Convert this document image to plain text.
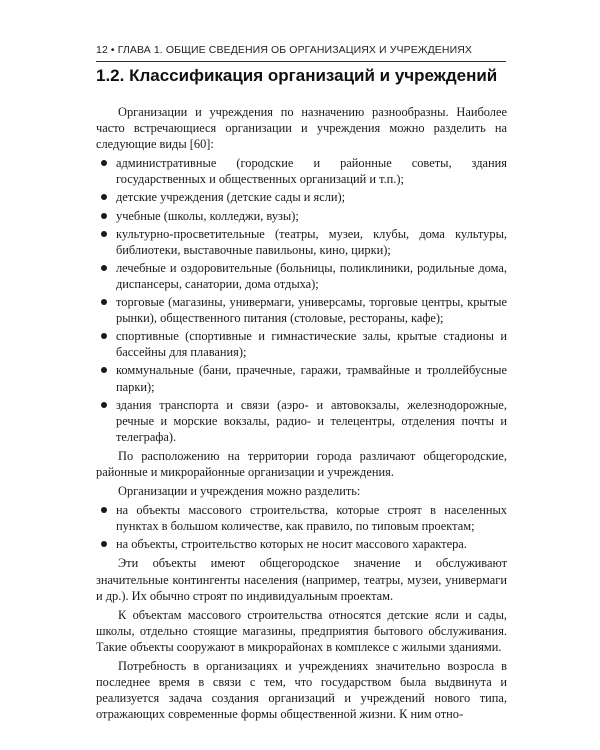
12 • ГЛАВА 1. ОБЩИЕ СВЕДЕНИЯ ОБ ОРГАНИЗАЦИЯХ И УЧРЕЖДЕНИЯХ
1.2. Классификация организаций и учреждений

Организации и учреждения по назначению разнообразны. Наиболее часто встречающиеся организации и учреждения можно разделить на следующие виды [60]:

административные (городские и районные советы, здания государственных и общественных организаций и т.п.);
детские учреждения (детские сады и ясли);
учебные (школы, колледжи, вузы);
культурно-просветительные (театры, музеи, клубы, дома культуры, библиотеки, выставочные павильоны, кино, цирки);
лечебные и оздоровительные (больницы, поликлиники, родильные дома, диспансеры, санатории, дома отдыха);
торговые (магазины, универмаги, универсамы, торговые центры, крытые рынки), общественного питания (столовые, рестораны, кафе);
спортивные (спортивные и гимнастические залы, крытые стадионы и бассейны для плавания);
коммунальные (бани, прачечные, гаражи, трамвайные и троллейбусные парки);
здания транспорта и связи (аэро- и автовокзалы, железнодорожные, речные и морские вокзалы, радио- и телецентры, отделения почты и телеграфа).

По расположению на территории города различают общегородские, районные и микрорайонные организации и учреждения.

Организации и учреждения можно разделить:

на объекты массового строительства, которые строят в населенных пунктах в большом количестве, как правило, по типовым проектам;
на объекты, строительство которых не носит массового характера.

Эти объекты имеют общегородское значение и обслуживают значительные контингенты населения (например, театры, музеи, универмаги и др.). Их обычно строят по индивидуальным проектам.

К объектам массового строительства относятся детские ясли и сады, школы, отдельно стоящие магазины, предприятия бытового обслуживания. Такие объекты сооружают в микрорайонах в комплексе с жилыми зданиями.

Потребность в организациях и учреждениях значительно возросла в последнее время в связи с тем, что государством была выдвинута и реализуется задача создания организаций и учреждений нового типа, отражающих современные формы общественной жизни. К ним отно-
